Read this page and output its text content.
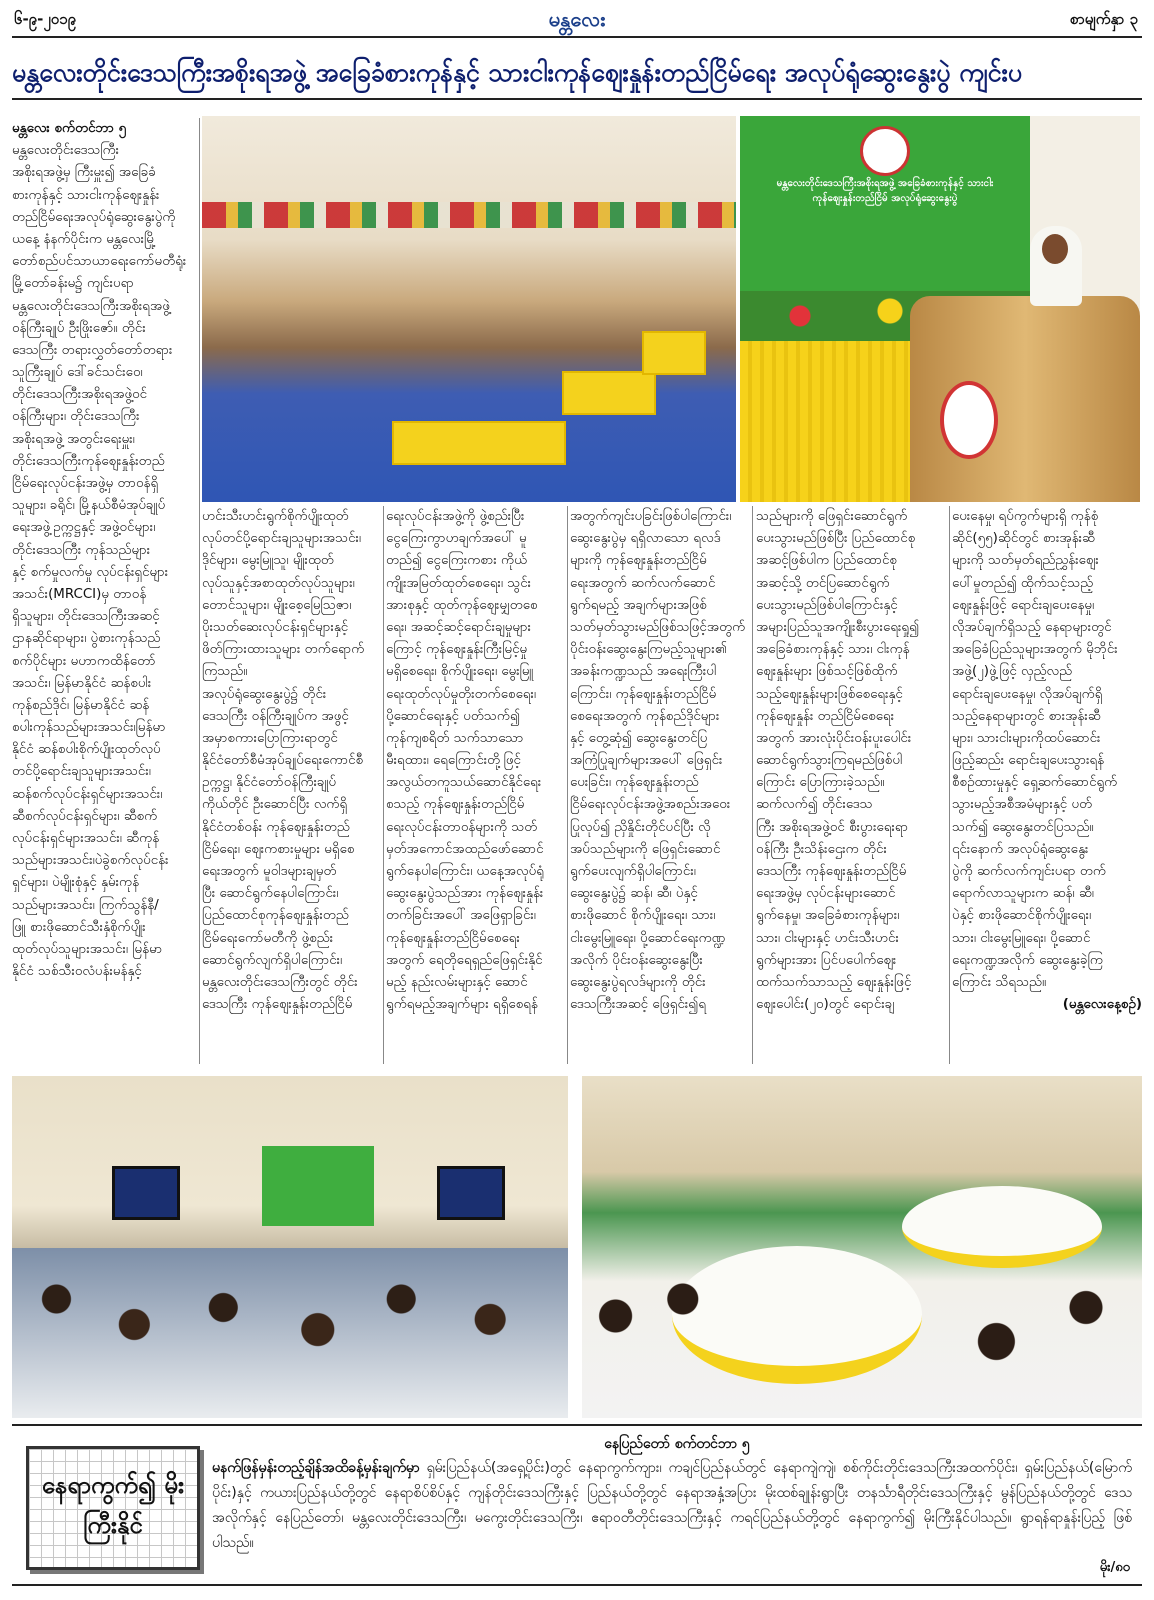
၆-၉-၂၀၁၉	မန္တလေး	စာမျက်နှာ ၃
မန္တလေးတိုင်းဒေသကြီးအစိုးရအဖွဲ့ အခြေခံစားကုန်နှင့် သားငါးကုန်ဈေးနှုန်းတည်ငြိမ်ရေး အလုပ်ရုံဆွေးနွေးပွဲ ကျင်းပ
မန္တလေးတိုင်းဒေသကြီးအစိုးရအဖွဲ့ အခြေခံစားကုန်နှင့် သားငါး ကုန်ဈေးနှုန်းတည်ငြိမ် အလုပ်ရုံဆွေးနွေးပွဲ
မန္တလေး စက်တင်ဘာ ၅
မန္တလေးတိုင်းဒေသကြီး
အစိုးရအဖွဲ့မှ ကြီးမှူး၍ အခြေခံ
စားကုန်နှင့် သားငါးကုန်ဈေးနှုန်း
တည်ငြိမ်ရေးအလုပ်ရုံဆွေးနွေးပွဲကို
ယနေ့ နံနက်ပိုင်းက မန္တလေးမြို့
တော်စည်ပင်သာယာရေးကော်မတီရုံး
မြို့တော်ခန်းမ၌ ကျင်းပရာ
မန္တလေးတိုင်းဒေသကြီးအစိုးရအဖွဲ့
ဝန်ကြီးချုပ် ဦးဖြိုးဇော်။ တိုင်း
ဒေသကြီး တရားလွှတ်တော်တရား
သူကြီးချုပ် ဒေါ်ခင်သင်းဝေ၊
တိုင်းဒေသကြီးအစိုးရအဖွဲ့ဝင်
ဝန်ကြီးများ၊ တိုင်းဒေသကြီး
အစိုးရအဖွဲ့ အတွင်းရေးမှူး၊
တိုင်းဒေသကြီးကုန်ဈေးနှုန်းတည်
ငြိမ်ရေးလုပ်ငန်းအဖွဲ့မှ တာဝန်ရှိ
သူများ၊ ခရိုင်၊ မြို့နယ်စီမံအုပ်ချုပ်
ရေးအဖွဲ့ဥက္ကဋ္ဌနှင့် အဖွဲ့ဝင်များ၊
တိုင်းဒေသကြီး ကုန်သည်များ
နှင့် စက်မှုလက်မှု လုပ်ငန်းရှင်များ
အသင်း(MRCCI)မှ တာဝန်
ရှိသူများ၊ တိုင်းဒေသကြီးအဆင့်
ဌာနဆိုင်ရာများ၊ ပွဲစားကုန်သည်
စက်ပိုင်များ မဟာကထိန်တော်
အသင်း၊ မြန်မာနိုင်ငံ ဆန်စပါး
ကုန်စည်ဒိုင်၊ မြန်မာနိုင်ငံ ဆန်
စပါးကုန်သည်များအသင်း၊မြန်မာ
နိုင်ငံ ဆန်စပါးစိုက်ပျိုးထုတ်လုပ်
တင်ပို့ရောင်းချသူများအသင်း၊
ဆန်စက်လုပ်ငန်းရှင်များအသင်း၊
ဆီစက်လုပ်ငန်းရှင်များ၊ ဆီစက်
လုပ်ငန်းရှင်များအသင်း၊ ဆီကုန်
သည်များအသင်း၊ပဲခွဲစက်လုပ်ငန်း
ရှင်များ၊ ပဲမျိုးစုံနှင့် နှမ်းကုန်
သည်များအသင်း၊ ကြက်သွန်နီ/
ဖြူ စားဖိုဆောင်သီးနှံစိုက်ပျိုး
ထုတ်လုပ်သူများအသင်း၊ မြန်မာ
နိုင်ငံ သစ်သီးဝလံပန်းမန်နှင့်
ဟင်းသီးဟင်းရွက်စိုက်ပျိုးထုတ်
လုပ်တင်ပို့ရောင်းချသူများအသင်း၊
ဒိုင်များ၊ မွေးမြူသူ၊ မျိုးထုတ်
လုပ်သူနှင့်အစာထုတ်လုပ်သူများ၊
တောင်သူများ၊ မျိုးစေ့မြေသြဇာ၊
ပိုးသတ်ဆေးလုပ်ငန်းရှင်များနှင့်
ဖိတ်ကြားထားသူများ တက်ရောက်
ကြသည်။
အလုပ်ရုံဆွေးနွေးပွဲ၌ တိုင်း
ဒေသကြီး ဝန်ကြီးချုပ်က အဖွင့်
အမှာစကားပြောကြားရာတွင်
နိုင်ငံတော်စီမံအုပ်ချုပ်ရေးကောင်စီ
ဥက္ကဋ္ဌ၊ နိုင်ငံတော်ဝန်ကြီးချုပ်
ကိုယ်တိုင် ဦးဆောင်ပြီး လက်ရှိ
နိုင်ငံတစ်ဝန်း ကုန်ဈေးနှုန်းတည်
ငြိမ်ရေး၊ ဈေးကစားမှုများ မရှိစေ
ရေးအတွက် မူဝါဒများချမှတ်
ပြီး ဆောင်ရွက်နေပါကြောင်း၊
ပြည်ထောင်စုကုန်ဈေးနှုန်းတည်
ငြိမ်ရေးကော်မတီကို ဖွဲ့စည်း
ဆောင်ရွက်လျက်ရှိပါကြောင်း၊
မန္တလေးတိုင်းဒေသကြီးတွင် တိုင်း
ဒေသကြီး ကုန်ဈေးနှုန်းတည်ငြိမ်
ရေးလုပ်ငန်းအဖွဲ့ကို ဖွဲ့စည်းပြီး
ငွေကြေးကွာဟချက်အပေါ် မူ
တည်၍ ငွေကြေးကစား ကိုယ်
ကျိုးအမြတ်ထုတ်စေရေး၊ သွင်း
အားစုနှင့် ထုတ်ကုန်ဈေးမျှတစေ
ရေး၊ အဆင့်ဆင့်ရောင်းချမှုများ
ကြောင့် ကုန်ဈေးနှုန်းကြီးမြင့်မှု
မရှိစေရေး၊ စိုက်ပျိုးရေး၊ မွေးမြူ
ရေးထုတ်လုပ်မှုတိုးတက်စေရေး၊
ပို့ဆောင်ရေးနှင့် ပတ်သက်၍
ကုန်ကျစရိတ် သက်သာသော
မီးရထား၊ ရေကြောင်းတို့ဖြင့်
အလွယ်တကူသယ်ဆောင်နိုင်ရေး
စသည့် ကုန်ဈေးနှုန်းတည်ငြိမ်
ရေးလုပ်ငန်းတာဝန်များကို သတ်
မှတ်အကောင်အထည်ဖော်ဆောင်
ရွက်နေပါကြောင်း၊ ယနေ့အလုပ်ရုံ
ဆွေးနွေးပွဲသည်အား ကုန်ဈေးနှုန်း
တက်ခြင်းအပေါ် အဖြေရှာခြင်း၊
ကုန်ဈေးနှုန်းတည်ငြိမ်စေရေး
အတွက် ရေတိုရေရှည်ဖြေရှင်းနိုင်
မည့် နည်းလမ်းများနှင့် ဆောင်
ရွက်ရမည့်အချက်များ ရရှိစေရန်
အတွက်ကျင်းပခြင်းဖြစ်ပါကြောင်း၊
ဆွေးနွေးပွဲမှ ရရှိလာသော ရလဒ်
များကို ကုန်ဈေးနှုန်းတည်ငြိမ်
ရေးအတွက် ဆက်လက်ဆောင်
ရွက်ရမည့် အချက်များအဖြစ်
သတ်မှတ်သွားမည်ဖြစ်သဖြင့်အတွက်
ပိုင်းဝန်းဆွေးနွေးကြမည့်သူများ၏
အခန်းကဏ္ဍသည် အရေးကြီးပါ
ကြောင်း၊ ကုန်ဈေးနှုန်းတည်ငြိမ်
စေရေးအတွက် ကုန်စည်ဒိုင်များ
နှင့် တွေ့ဆုံ၍ ဆွေးနွေးတင်ပြ
အကြံပြုချက်များအပေါ် ဖြေရှင်း
ပေးခြင်း၊ ကုန်ဈေးနှုန်းတည်
ငြိမ်ရေးလုပ်ငန်းအဖွဲ့အစည်းအဝေး
ပြုလုပ်၍ ညှိနှိုင်းတိုင်ပင်ပြီး လို
အပ်သည်များကို ဖြေရှင်းဆောင်
ရွက်ပေးလျက်ရှိပါကြောင်း၊
ဆွေးနွေးပွဲ၌ ဆန်၊ ဆီ၊ ပဲနှင့်
စားဖိုဆောင် စိုက်ပျိုးရေး၊ သား၊
ငါးမွေးမြူရေး၊ ပို့ဆောင်ရေးကဏ္ဍ
အလိုက် ပိုင်းဝန်းဆွေးနွေးပြီး
ဆွေးနွေးပွဲရလဒ်များကို တိုင်း
ဒေသကြီးအဆင့် ဖြေရှင်း၍ရ
သည်များကို ဖြေရှင်းဆောင်ရွက်
ပေးသွားမည်ဖြစ်ပြီး ပြည်ထောင်စု
အဆင့်ဖြစ်ပါက ပြည်ထောင်စု
အဆင့်သို့ တင်ပြဆောင်ရွက်
ပေးသွားမည်ဖြစ်ပါကြောင်းနှင့်
အများပြည်သူအကျိုးစီးပွားရေးရှု၍
အခြေခံစားကုန်နှင့် သား၊ ငါးကုန်
ဈေးနှုန်းများ ဖြစ်သင့်ဖြစ်ထိုက်
သည့်ဈေးနှုန်းများဖြစ်စေရေးနှင့်
ကုန်ဈေးနှုန်း တည်ငြိမ်စေရေး
အတွက် အားလုံးပိုင်းဝန်းပူးပေါင်း
ဆောင်ရွက်သွားကြရမည်ဖြစ်ပါ
ကြောင်း ပြောကြားခဲ့သည်။
ဆက်လက်၍ တိုင်းဒေသ
ကြီး အစိုးရအဖွဲ့ဝင် စီးပွားရေးရာ
ဝန်ကြီး ဦးသိန်းဌေးက တိုင်း
ဒေသကြီး ကုန်ဈေးနှုန်းတည်ငြိမ်
ရေးအဖွဲ့မှ လုပ်ငန်းများဆောင်
ရွက်နေမှု၊ အခြေခံစားကုန်များ၊
သား၊ ငါးများနှင့် ဟင်းသီးဟင်း
ရွက်များအား ပြင်ပပေါက်ဈေး
ထက်သက်သာသည့် ဈေးနှုန်းဖြင့်
ဈေးပေါင်း(၂၀)တွင် ရောင်းချ
ပေးနေမှု၊ ရပ်ကွက်များရှိ ကုန်စုံ
ဆိုင်(၅၅)ဆိုင်တွင် စားအုန်းဆီ
များကို သတ်မှတ်ရည်ညွှန်းဈေး
ပေါ်မှုတည်၍ ထိုက်သင့်သည့်
ဈေးနှုန်းဖြင့် ရောင်းချပေးနေမှု၊
လိုအပ်ချက်ရှိသည့် နေရာများတွင်
အခြေခံပြည်သူများအတွက် မိုဘိုင်း
အဖွဲ့(၂)ဖွဲ့ဖြင့် လှည့်လည်
ရောင်းချပေးနေမှု၊ လိုအပ်ချက်ရှိ
သည့်နေရာများတွင် စားအုန်းဆီ
များ၊ သားငါးများကိုထပ်ဆောင်း
ဖြည့်ဆည်း ရောင်းချပေးသွားရန်
စီစဉ်ထားမှုနှင့် ရှေ့ဆက်ဆောင်ရွက်
သွားမည့်အစီအမံများနှင့် ပတ်
သက်၍ ဆွေးနွေးတင်ပြသည်။
၎င်းနောက် အလုပ်ရုံဆွေးနွေး
ပွဲကို ဆက်လက်ကျင်းပရာ တက်
ရောက်လာသူများက ဆန်၊ ဆီ၊
ပဲနှင့် စားဖိုဆောင်စိုက်ပျိုးရေး၊
သား၊ ငါးမွေးမြူရေး၊ ပို့ဆောင်
ရေးကဏ္ဍအလိုက် ဆွေးနွေးခဲ့ကြ
ကြောင်း သိရသည်။
(မန္တလေးနေ့စဉ်)
နေရာကွက်၍ မိုးကြီးနိုင်
နေပြည်တော် စက်တင်ဘာ ၅
မနက်ဖြန်မှန်းတည့်ချိန်အထိခန့်မှန်းချက်မှာ ရှမ်းပြည်နယ်(အရှေ့ပိုင်း)တွင် နေရာကွက်ကျား၊ ကချင်ပြည်နယ်တွင် နေရာကျဲကျဲ၊ စစ်ကိုင်းတိုင်းဒေသကြီးအထက်ပိုင်း၊ ရှမ်းပြည်နယ်(မြောက်ပိုင်း)နှင့် ကယားပြည်နယ်တို့တွင် နေရာစိပ်စိပ်နှင့် ကျန်တိုင်းဒေသကြီးနှင့် ပြည်နယ်တို့တွင် နေရာအနှံ့အပြား မိုးထစ်ချုန်းရွာပြီး တနင်္သာရီတိုင်းဒေသကြီးနှင့် မွန်ပြည်နယ်တို့တွင် ဒေသအလိုက်နှင့် နေပြည်တော်၊ မန္တလေးတိုင်းဒေသကြီး၊ မကွေးတိုင်းဒေသကြီး၊ ဧရာဝတီတိုင်းဒေသကြီးနှင့် ကရင်ပြည်နယ်တို့တွင် နေရာကွက်၍ မိုးကြီးနိုင်ပါသည်။ ရွာရန်ရာနှုန်းပြည့် ဖြစ်ပါသည်။
မိုး/၈၀
